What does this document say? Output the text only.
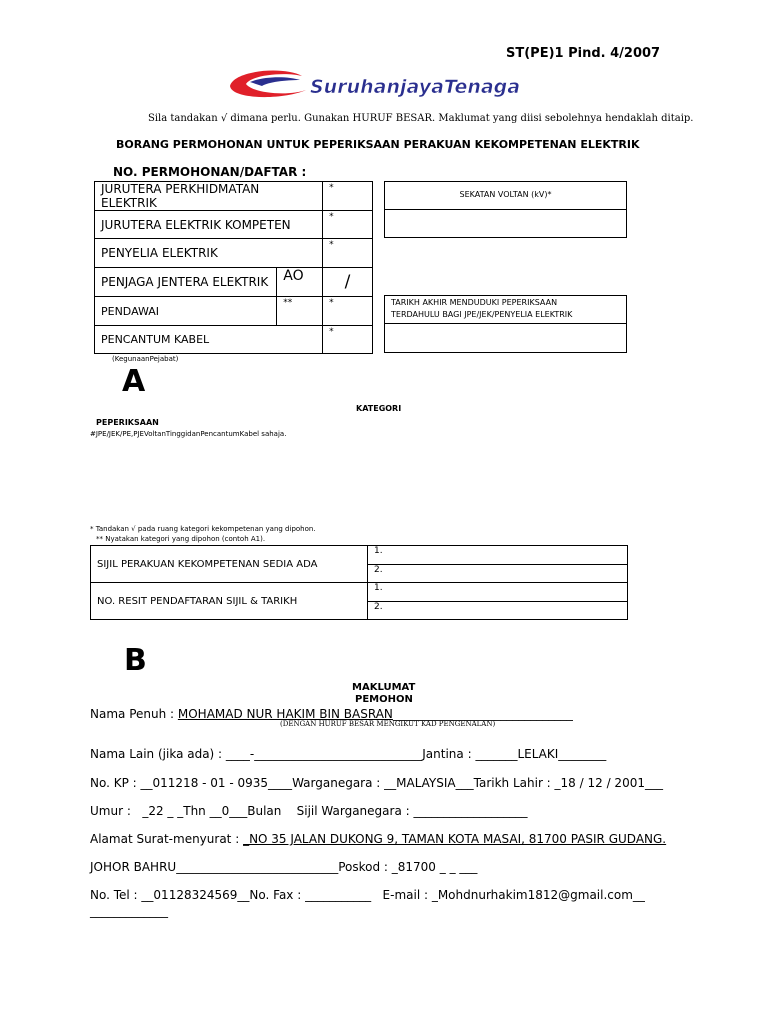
ST(PE)1 Pind. 4/2007
SuruhanjayaTenaga
Sila tandakan √ dimana perlu. Gunakan HURUF BESAR. Maklumat yang diisi sebolehnya hendaklah ditaip.
BORANG PERMOHONAN UNTUK PEPERIKSAAN PERAKUAN KEKOMPETENAN ELEKTRIK
NO. PERMOHONAN/DAFTAR :
JURUTERA PERKHIDMATAN ELEKTRIK		*
JURUTERA ELEKTRIK KOMPETEN		*
PENYELIA ELEKTRIK		*
PENJAGA JENTERA ELEKTRIK	AO	/
PENDAWAI	**	*
PENCANTUM KABEL		*
SEKATAN VOLTAN (kV)*
TARIKH AKHIR MENDUDUKI PEPERIKSAAN
TERDAHULU BAGI JPE/JEK/PENYELIA ELEKTRIK
(KegunaanPejabat)
A
KATEGORI
PEPERIKSAAN
#JPE/JEK/PE,PJEVoltanTinggidanPencantumKabel sahaja.
* Tandakan √ pada ruang kategori kekompetenan yang dipohon.
** Nyatakan kategori yang dipohon (contoh A1).
SIJIL PERAKUAN KEKOMPETENAN SEDIA ADA	1.
	2.
NO. RESIT PENDAFTARAN SIJIL & TARIKH	1.
	2.
B
MAKLUMAT
PEMOHON
Nama Penuh : MOHAMAD NUR HAKIM BIN BASRAN______________________________
(DENGAN HURUF BESAR MENGIKUT KAD PENGENALAN)
Nama Lain (jika ada) : ____-____________________________Jantina : _______LELAKI________
No. KP : __011218 - 01 - 0935____Warganegara : __MALAYSIA___Tarikh Lahir : _18 / 12 / 2001___
Umur :   _22 _ _Thn __0___Bulan Sijil Warganegara : ___________________
Alamat Surat-menyurat : _NO 35 JALAN DUKONG 9, TAMAN KOTA MASAI, 81700 PASIR GUDANG.
JOHOR BAHRU___________________________Poskod : _81700 _ _ ___
No. Tel : __01128324569__No. Fax : ___________ E-mail : _Mohdnurhakim1812@gmail.com__
_____________
